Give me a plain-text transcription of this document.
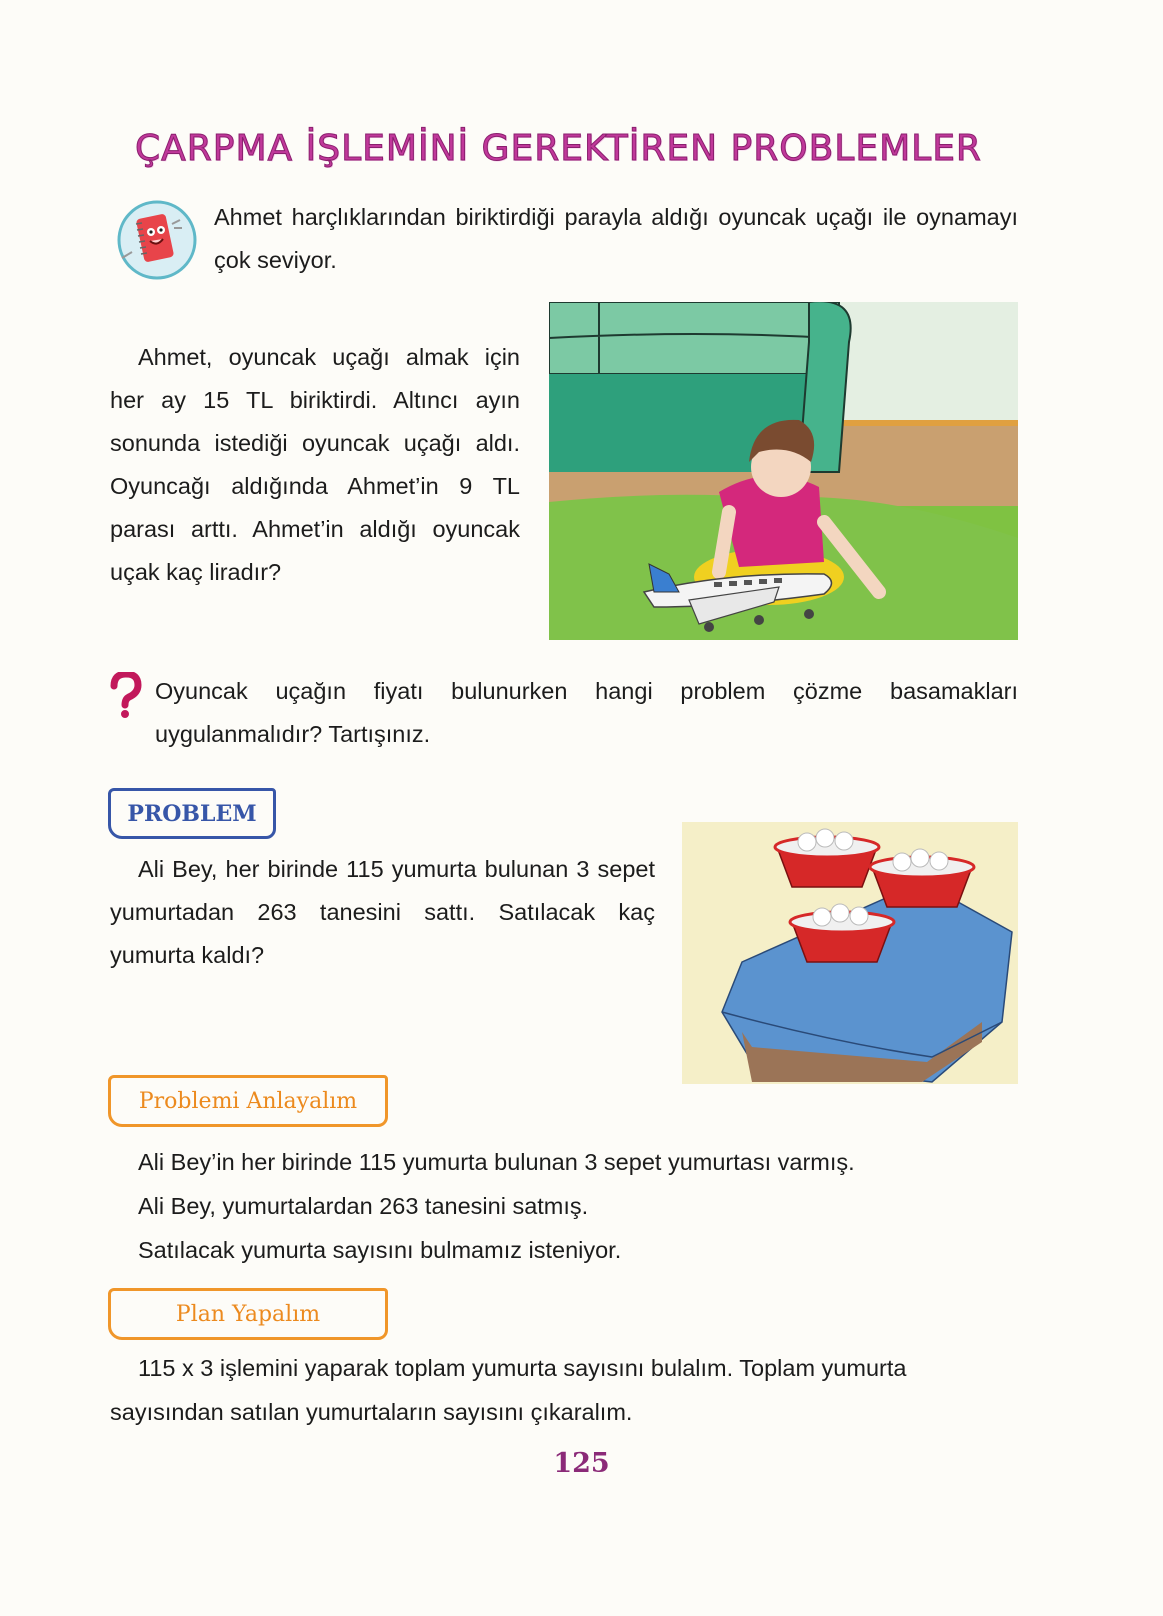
ÇARPMA İŞLEMİNİ GEREKTİREN PROBLEMLER
Ahmet harçlıklarından biriktirdiği parayla aldığı oyuncak uçağı ile oynamayı çok seviyor.
Ahmet, oyuncak uçağı almak için her ay 15 TL biriktirdi. Altıncı ayın sonunda istediği oyuncak uçağı aldı. Oyuncağı aldığında Ahmet’in 9 TL parası arttı. Ahmet’in aldığı oyuncak uçak kaç liradır?
Oyuncak uçağın fiyatı bulunurken hangi problem çözme basamakları uygulanmalıdır? Tartışınız.
PROBLEM
Ali Bey, her birinde 115 yumurta bulunan 3 sepet yumurtadan 263 tanesini sattı. Satılacak kaç yumurta kaldı?
Problemi Anlayalım
Ali Bey’in her birinde 115 yumurta bulunan 3 sepet yumurtası varmış.
Ali Bey, yumurtalardan 263 tanesini satmış.
Satılacak yumurta sayısını bulmamız isteniyor.
Plan Yapalım
115 x 3 işlemini yaparak toplam yumurta sayısını bulalım. Toplam yumurta sayısından satılan yumurtaların sayısını çıkaralım.
125
